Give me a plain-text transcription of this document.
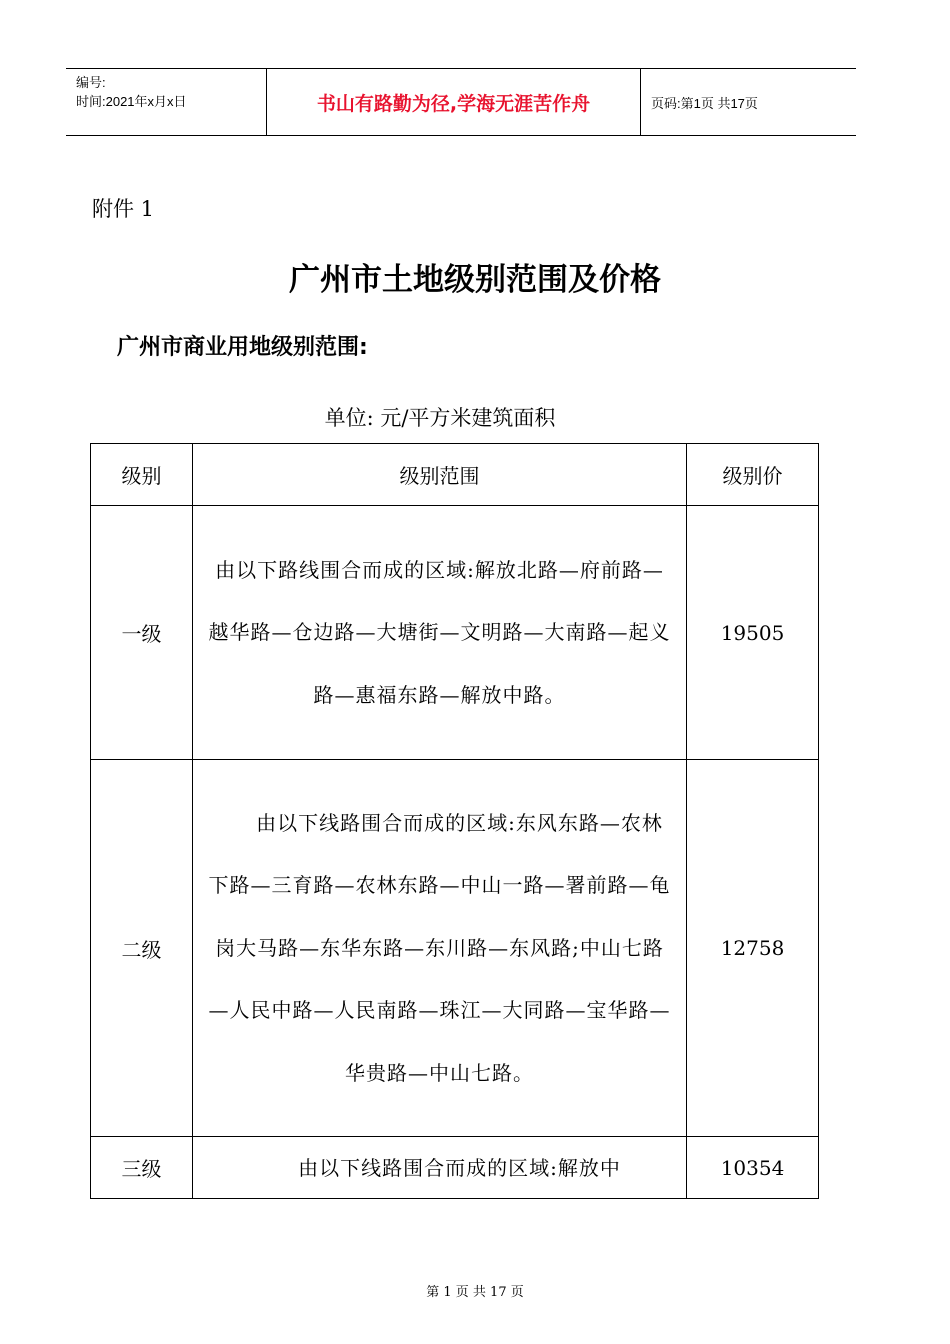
编号:
时间:2021年x月x日	书山有路勤为径,学海无涯苦作舟	页码:第1页 共17页
附件 1
广州市土地级别范围及价格
广州市商业用地级别范围:
单位: 元/平方米建筑面积
级别	级别范围	级别价
一级	由以下路线围合而成的区域:解放北路—府前路—越华路—仓边路—大塘街—文明路—大南路—起义路—惠福东路—解放中路。	19505
二级	由以下线路围合而成的区域:东风东路—农林下路—三育路—农林东路—中山一路—署前路—龟岗大马路—东华东路—东川路—东风路;中山七路—人民中路—人民南路—珠江—大同路—宝华路—华贵路—中山七路。	12758
三级	由以下线路围合而成的区域:解放中	10354
第 1 页 共 17 页
